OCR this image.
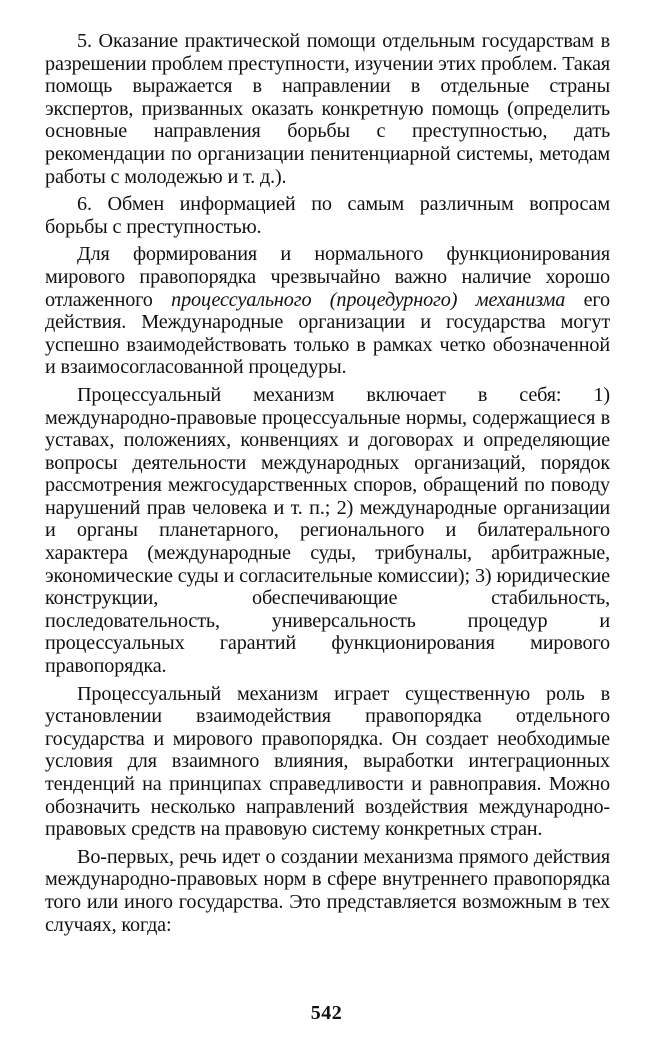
5. Оказание практической помощи отдельным государствам в разрешении проблем преступности, изучении этих проблем. Такая помощь выражается в направлении в отдельные страны экспертов, призванных оказать конкретную помощь (определить основные направления борьбы с преступностью, дать рекомендации по организации пенитенциарной системы, методам работы с молодежью и т. д.).

6. Обмен информацией по самым различным вопросам борьбы с преступностью.

Для формирования и нормального функционирования мирового правопорядка чрезвычайно важно наличие хорошо отлаженного процессуального (процедурного) механизма его действия. Международные организации и государства могут успешно взаимодействовать только в рамках четко обозначенной и взаимосогласованной процедуры.

Процессуальный механизм включает в себя: 1) международно-правовые процессуальные нормы, содержащиеся в уставах, положениях, конвенциях и договорах и определяющие вопросы деятельности международных организаций, порядок рассмотрения межгосударственных споров, обращений по поводу нарушений прав человека и т. п.; 2) международные организации и органы планетарного, регионального и билатерального характера (международные суды, трибуналы, арбитражные, экономические суды и согласительные комиссии); 3) юридические конструкции, обеспечивающие стабильность, последовательность, универсальность процедур и процессуальных гарантий функционирования мирового правопорядка.

Процессуальный механизм играет существенную роль в установлении взаимодействия правопорядка отдельного государства и мирового правопорядка. Он создает необходимые условия для взаимного влияния, выработки интеграционных тенденций на принципах справедливости и равноправия. Можно обозначить несколько направлений воздействия международно-правовых средств на правовую систему конкретных стран.

Во-первых, речь идет о создании механизма прямого действия международно-правовых норм в сфере внутреннего правопорядка того или иного государства. Это представляется возможным в тех случаях, когда:

542
